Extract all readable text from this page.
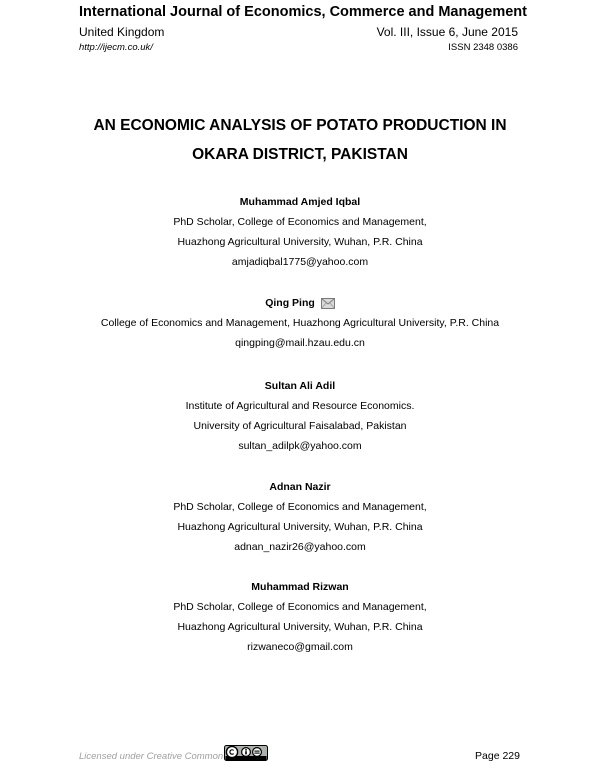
International Journal of Economics, Commerce and Management
United Kingdom	Vol. III, Issue 6, June 2015
http://ijecm.co.uk/	ISSN 2348 0386
AN ECONOMIC ANALYSIS OF POTATO PRODUCTION IN
OKARA DISTRICT, PAKISTAN
Muhammad Amjed Iqbal
PhD Scholar, College of Economics and Management,
Huazhong Agricultural University, Wuhan, P.R. China
amjadiqbal1775@yahoo.com
Qing Ping
College of Economics and Management, Huazhong Agricultural University, P.R. China
qingping@mail.hzau.edu.cn
Sultan Ali Adil
Institute of Agricultural and Resource Economics.
University of Agricultural Faisalabad, Pakistan
sultan_adilpk@yahoo.com
Adnan Nazir
PhD Scholar, College of Economics and Management,
Huazhong Agricultural University, Wuhan, P.R. China
adnan_nazir26@yahoo.com
Muhammad Rizwan
PhD Scholar, College of Economics and Management,
Huazhong Agricultural University, Wuhan, P.R. China
rizwaneco@gmail.com
Licensed under Creative Common	Page 229
